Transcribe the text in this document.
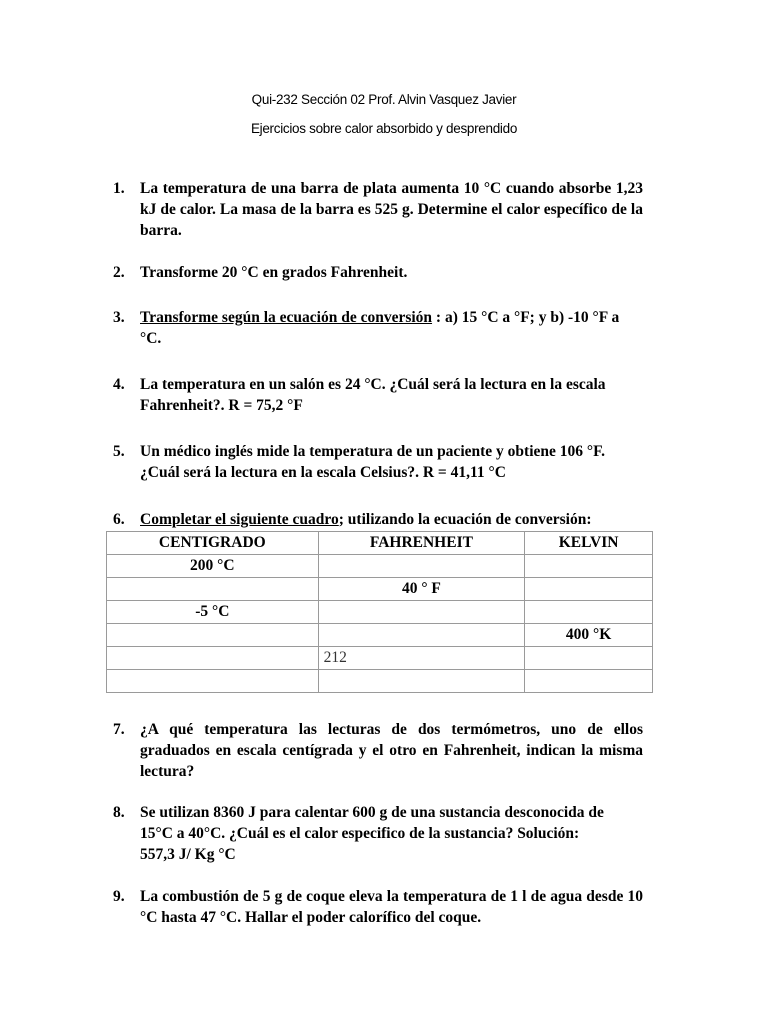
Qui-232 Sección 02 Prof. Alvin Vasquez Javier
Ejercicios sobre calor absorbido y desprendido
1. La temperatura de una barra de plata aumenta 10 °C cuando absorbe 1,23 kJ de calor. La masa de la barra es 525 g. Determine el calor específico de la barra.
2. Transforme 20 °C en grados Fahrenheit.
3. Transforme según la ecuación de conversión : a) 15 °C a °F; y b) -10 °F a °C.
4. La temperatura en un salón es 24 °C. ¿Cuál será la lectura en la escala Fahrenheit?. R = 75,2 °F
5. Un médico inglés mide la temperatura de un paciente y obtiene 106 °F. ¿Cuál será la lectura en la escala Celsius?. R = 41,11 °C
6. Completar el siguiente cuadro; utilizando la ecuación de conversión:
CENTIGRADO	FAHRENHEIT	KELVIN
200 °C		
	40 ° F	
-5 °C		
		400 °K
	212	

7. ¿A qué temperatura las lecturas de dos termómetros, uno de ellos graduados en escala centígrada y el otro en Fahrenheit, indican la misma lectura?
8. Se utilizan 8360 J para calentar 600 g de una sustancia desconocida de 15°C a 40°C. ¿Cuál es el calor especifico de la sustancia? Solución: 557,3 J/ Kg °C
9. La combustión de 5 g de coque eleva la temperatura de 1 l de agua desde 10 °C hasta 47 °C. Hallar el poder calorífico del coque.
